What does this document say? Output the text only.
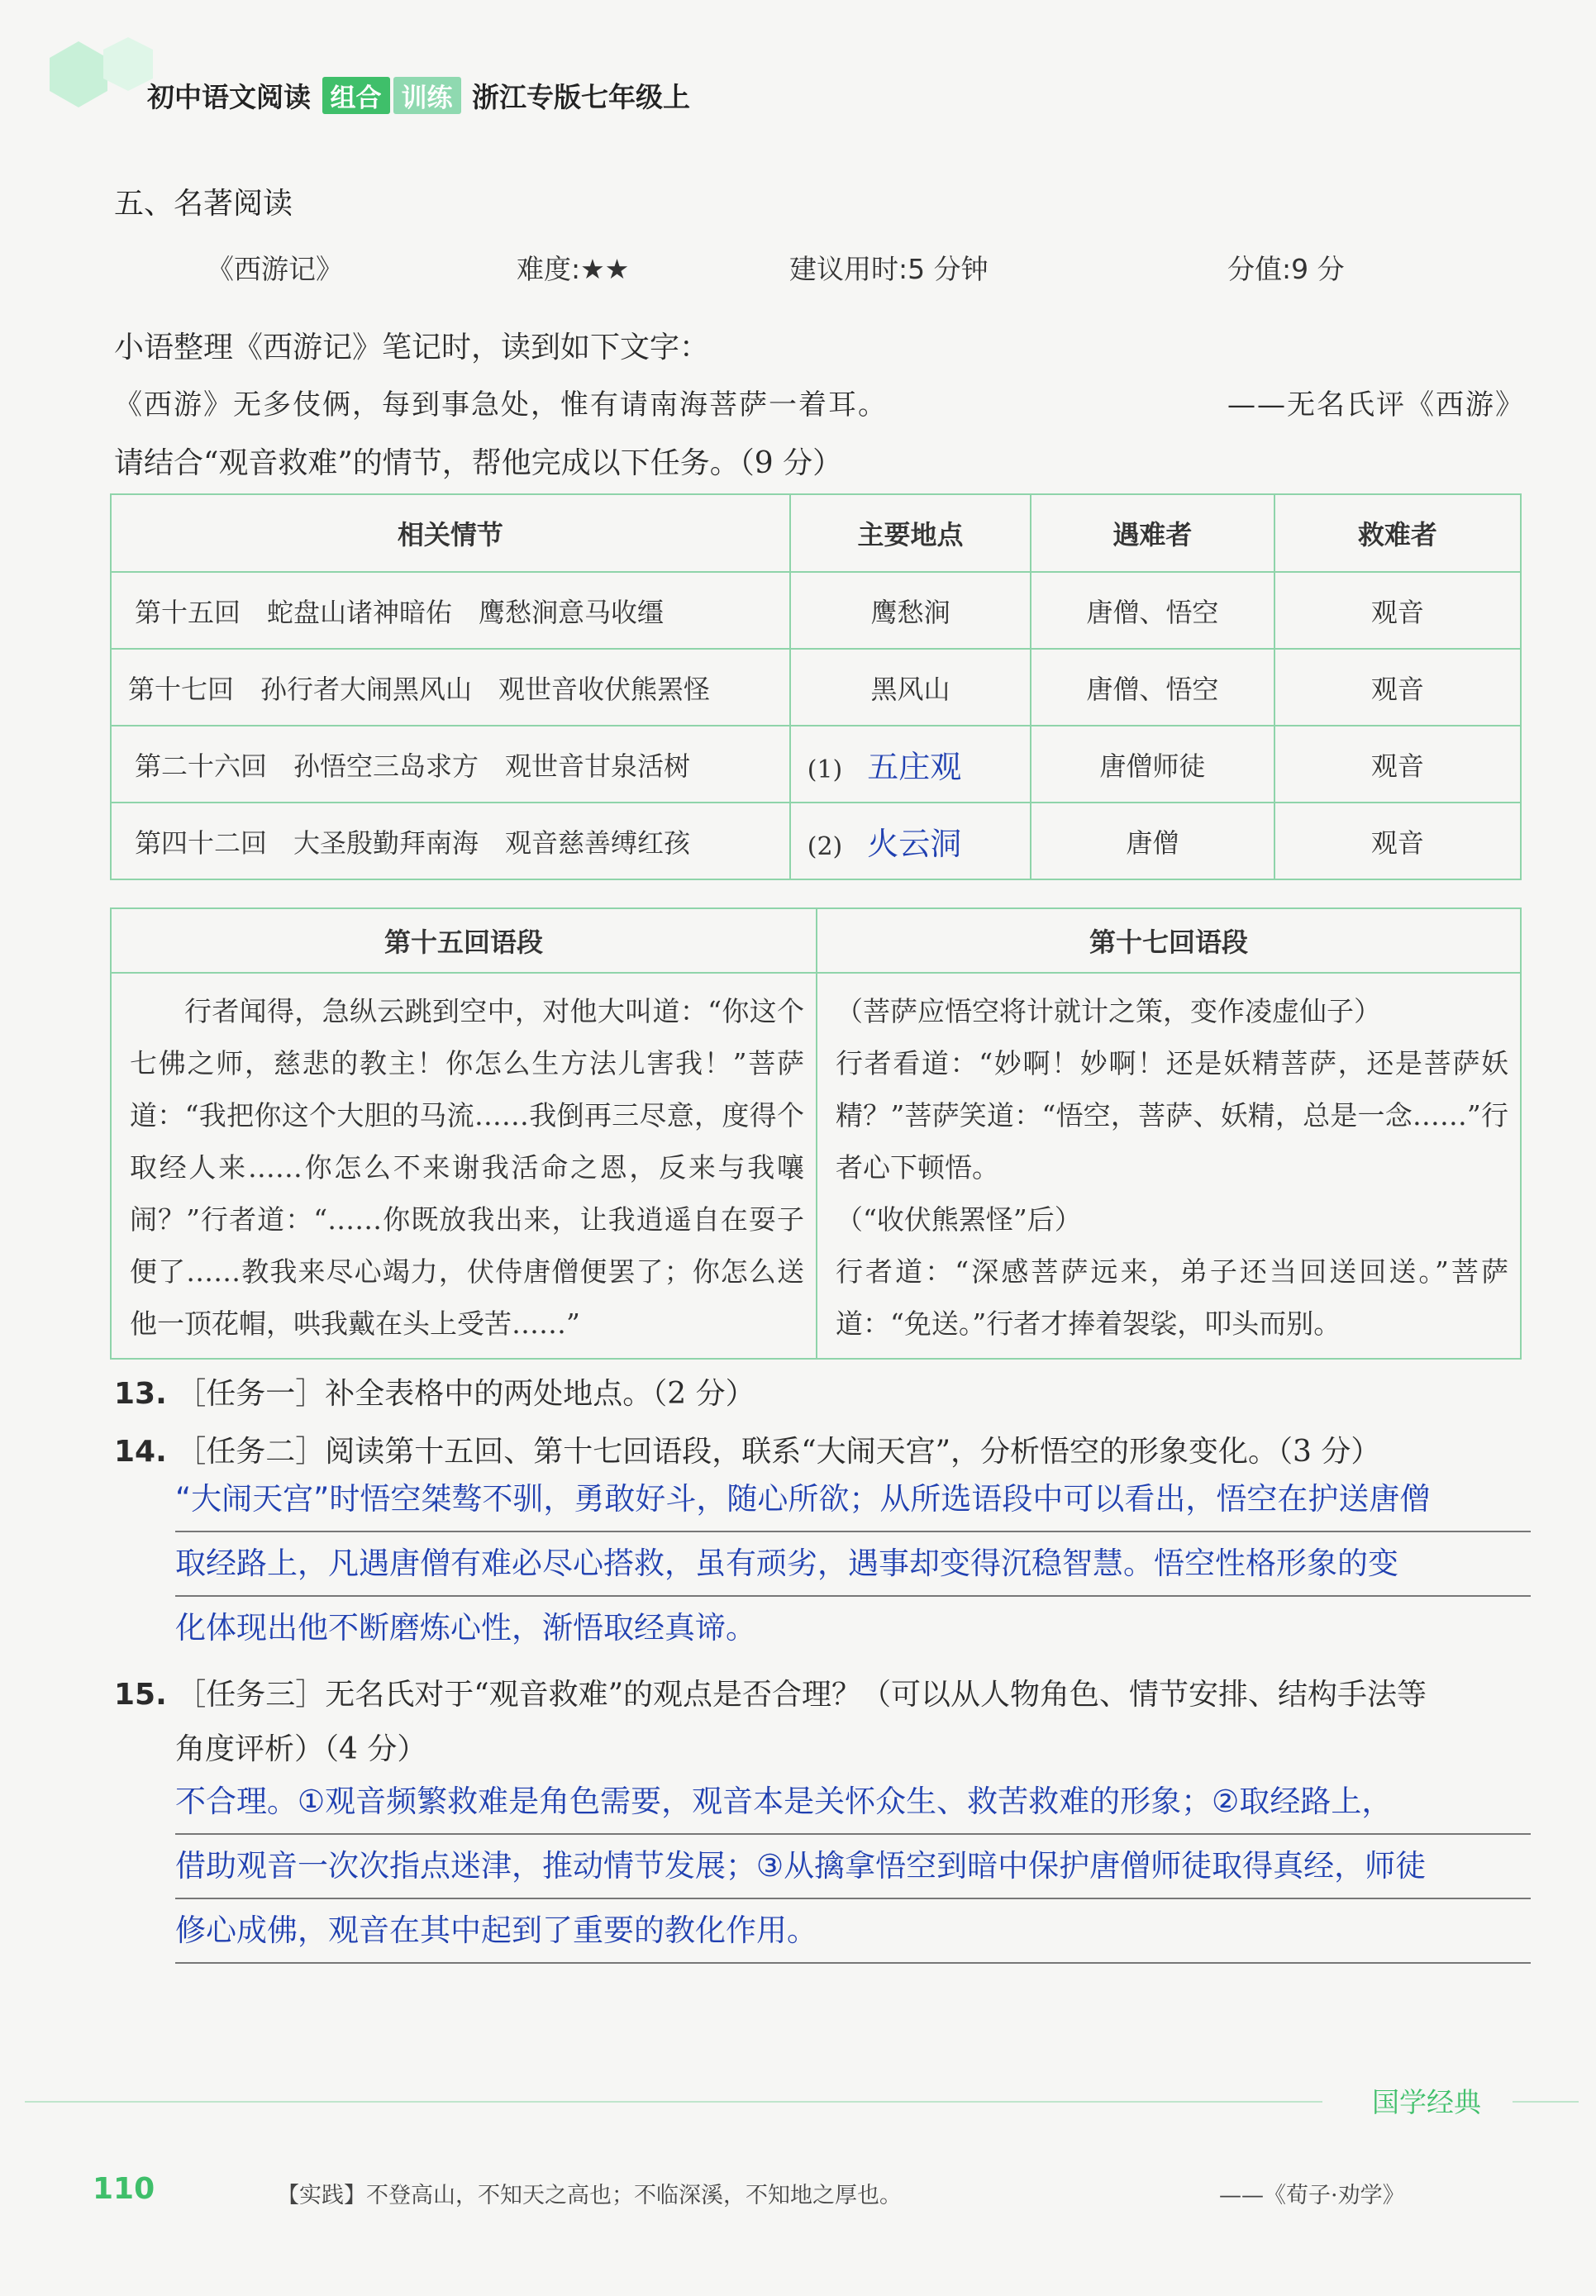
初中语文阅读 组合 训练 浙江专版七年级上
五、名著阅读
《西游记》	难度:★★	建议用时:5 分钟	分值:9 分
小语整理《西游记》笔记时，读到如下文字：
《西游》无多伎俩，每到事急处，惟有请南海菩萨一着耳。	——无名氏评《西游》
请结合“观音救难”的情节，帮他完成以下任务。（9 分）
相关情节	主要地点	遇难者	救难者
第十五回　蛇盘山诸神暗佑　鹰愁涧意马收缰	鹰愁涧	唐僧、悟空	观音
第十七回　孙行者大闹黑风山　观世音收伏熊罴怪	黑风山	唐僧、悟空	观音
第二十六回　孙悟空三岛求方　观世音甘泉活树	(1) 五庄观	唐僧师徒	观音
第四十二回　大圣殷勤拜南海　观音慈善缚红孩	(2) 火云洞	唐僧	观音
第十五回语段	第十七回语段
行者闻得，急纵云跳到空中，对他大叫道：“你这个七佛之师，慈悲的教主！你怎么生方法儿害我！”菩萨道：“我把你这个大胆的马流……我倒再三尽意，度得个取经人来……你怎么不来谢我活命之恩，反来与我嚷闹？”行者道：“……你既放我出来，让我逍遥自在耍子便了……教我来尽心竭力，伏侍唐僧便罢了；你怎么送他一顶花帽，哄我戴在头上受苦……”	（菩萨应悟空将计就计之策，变作凌虚仙子）
行者看道：“妙啊！妙啊！还是妖精菩萨，还是菩萨妖精？”菩萨笑道：“悟空，菩萨、妖精，总是一念……”行者心下顿悟。
（“收伏熊罴怪”后）
行者道：“深感菩萨远来，弟子还当回送回送。”菩萨道：“免送。”行者才捧着袈裟，叩头而别。
13. ［任务一］补全表格中的两处地点。（2 分）
14. ［任务二］阅读第十五回、第十七回语段，联系“大闹天宫”，分析悟空的形象变化。（3 分）
“大闹天宫”时悟空桀骜不驯，勇敢好斗，随心所欲；从所选语段中可以看出，悟空在护送唐僧
取经路上，凡遇唐僧有难必尽心搭救，虽有顽劣，遇事却变得沉稳智慧。悟空性格形象的变
化体现出他不断磨炼心性，渐悟取经真谛。
15. ［任务三］无名氏对于“观音救难”的观点是否合理？（可以从人物角色、情节安排、结构手法等
角度评析）（4 分）
不合理。①观音频繁救难是角色需要，观音本是关怀众生、救苦救难的形象；②取经路上，
借助观音一次次指点迷津，推动情节发展；③从擒拿悟空到暗中保护唐僧师徒取得真经，师徒
修心成佛，观音在其中起到了重要的教化作用。
国学经典
110	【实践】不登高山，不知天之高也；不临深溪，不知地之厚也。	——《荀子·劝学》
